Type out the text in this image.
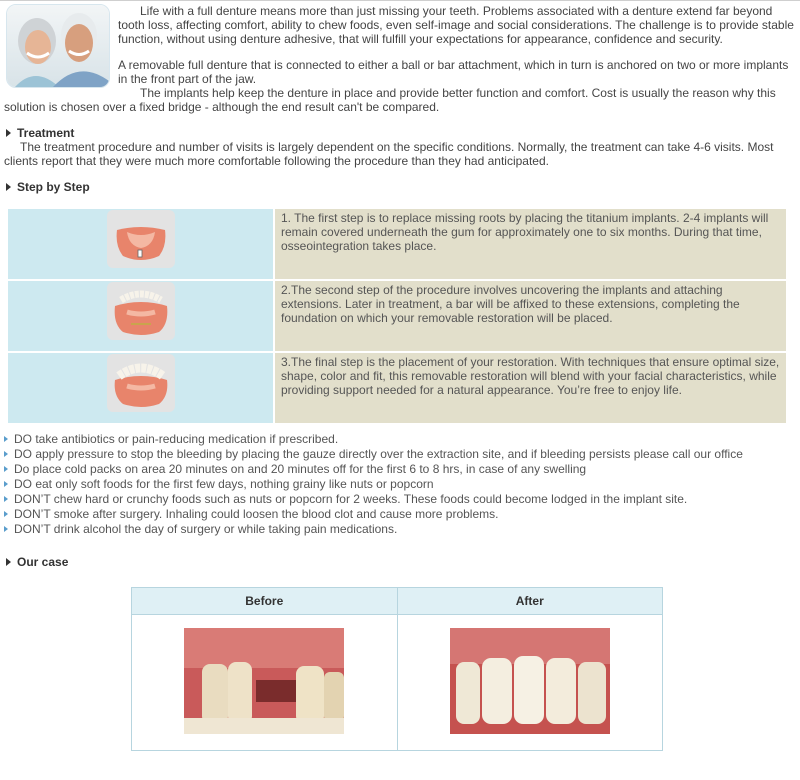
Life with a full denture means more than just missing your teeth. Problems associated with a denture extend far beyond tooth loss, affecting comfort, ability to chew foods, even self-image and social considerations. The challenge is to provide stable function, without using denture adhesive, that will fulfill your expectations for appearance, confidence and security.

A removable full denture that is connected to either a ball or bar attachment, which in turn is anchored on two or more implants in the front part of the jaw.

The implants help keep the denture in place and provide better function and comfort. Cost is usually the reason why this solution is chosen over a fixed bridge - although the end result can't be compared.

Treatment
The treatment procedure and number of visits is largely dependent on the specific conditions. Normally, the treatment can take 4-6 visits. Most clients report that they were much more comfortable following the procedure than they had anticipated.
Step by Step
	1. The first step is to replace missing roots by placing the titanium implants. 2-4 implants will remain covered underneath the gum for approximately one to six months. During that time, osseointegration takes place.
	2.The second step of the procedure involves uncovering the implants and attaching extensions. Later in treatment, a bar will be affixed to these extensions, completing the foundation on which your removable restoration will be placed.
	3.The final step is the placement of your restoration. With techniques that ensure optimal size, shape, color and fit, this removable restoration will blend with your facial characteristics, while providing support needed for a natural appearance. You’re free to enjoy life.
DO take antibiotics or pain-reducing medication if prescribed.
DO apply pressure to stop the bleeding by placing the gauze directly over the extraction site, and if bleeding persists please call our office
Do place cold packs on area 20 minutes on and 20 minutes off for the first 6 to 8 hrs, in case of any swelling
DO eat only soft foods for the first few days, nothing grainy like nuts or popcorn
DON’T chew hard or crunchy foods such as nuts or popcorn for 2 weeks. These foods could become lodged in the implant site.
DON’T smoke after surgery. Inhaling could loosen the blood clot and cause more problems.
DON’T drink alcohol the day of surgery or while taking pain medications.
Our case
Before	After
